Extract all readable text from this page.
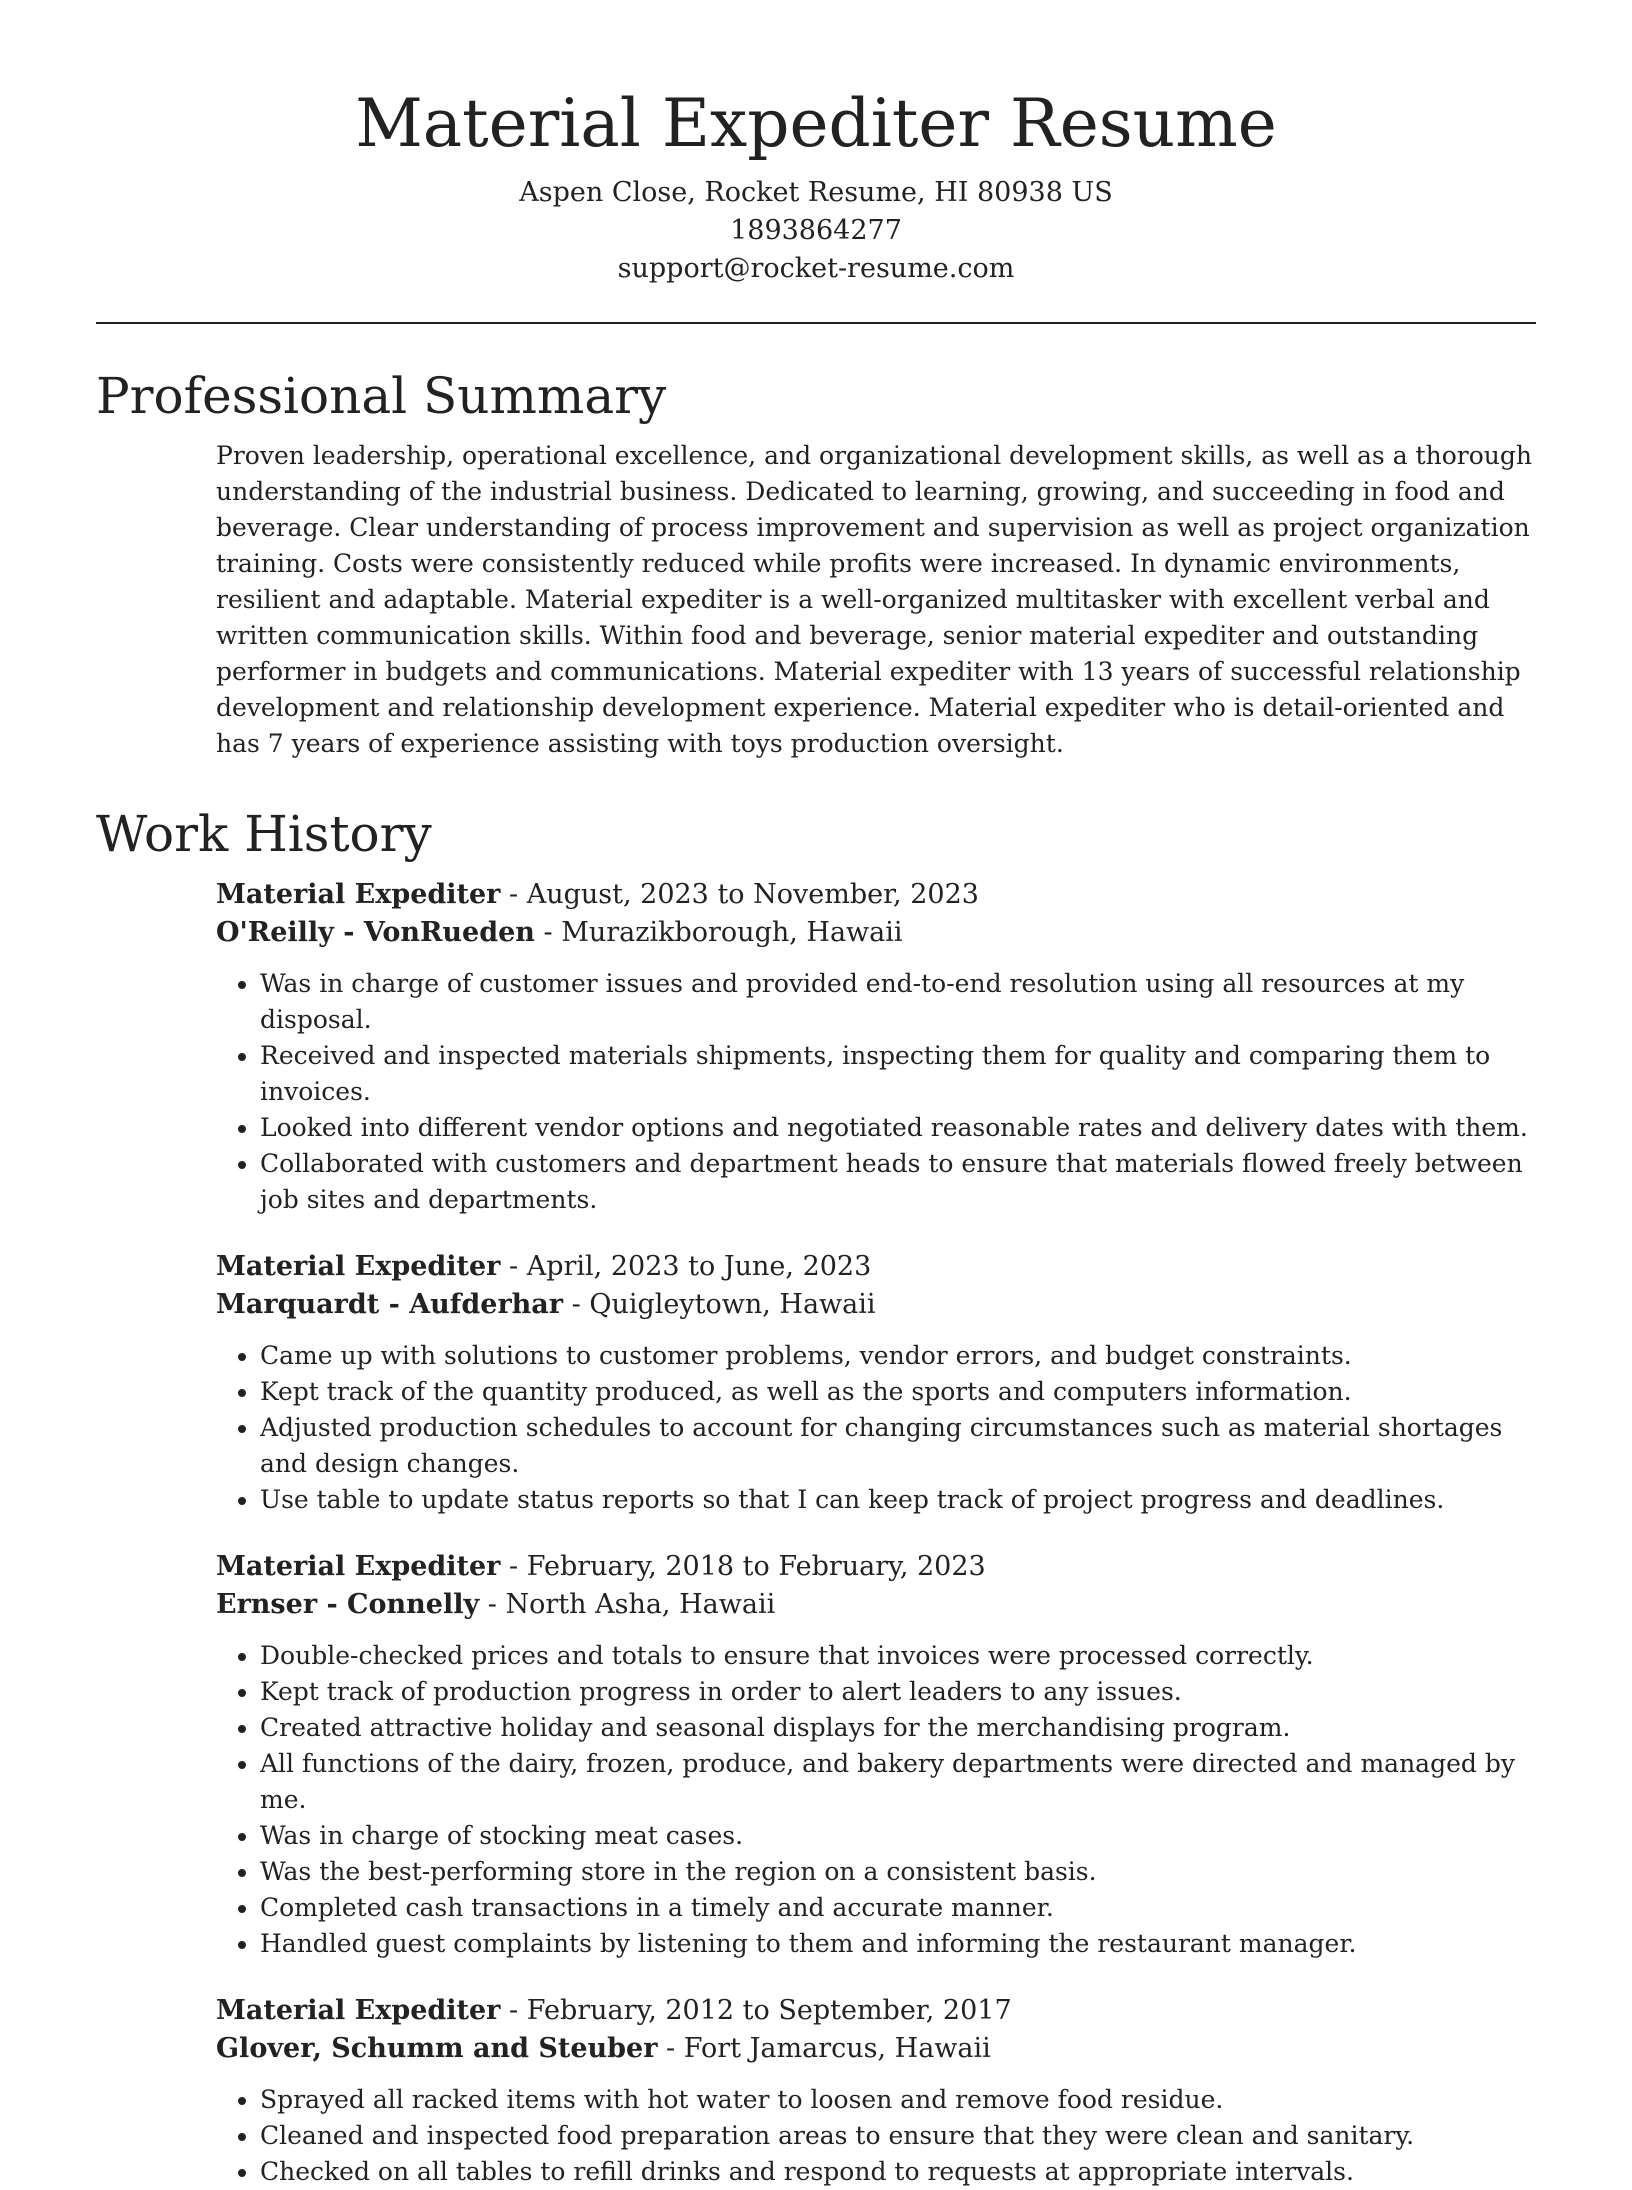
Material Expediter Resume
Aspen Close, Rocket Resume, HI 80938 US
1893864277
support@rocket-resume.com
Professional Summary

Proven leadership, operational excellence, and organizational development skills, as well as a thorough understanding of the industrial business. Dedicated to learning, growing, and succeeding in food and beverage. Clear understanding of process improvement and supervision as well as project organization training. Costs were consistently reduced while profits were increased. In dynamic environments, resilient and adaptable. Material expediter is a well-organized multitasker with excellent verbal and written communication skills. Within food and beverage, senior material expediter and outstanding performer in budgets and communications. Material expediter with 13 years of successful relationship development and relationship development experience. Material expediter who is detail-oriented and has 7 years of experience assisting with toys production oversight.

Work History

Material Expediter - August, 2023 to November, 2023

O'Reilly - VonRueden - Murazikborough, Hawaii

• Was in charge of customer issues and provided end-to-end resolution using all resources at my disposal.
• Received and inspected materials shipments, inspecting them for quality and comparing them to invoices.
• Looked into different vendor options and negotiated reasonable rates and delivery dates with them.
• Collaborated with customers and department heads to ensure that materials flowed freely between job sites and departments.

Material Expediter - April, 2023 to June, 2023

Marquardt - Aufderhar - Quigleytown, Hawaii

• Came up with solutions to customer problems, vendor errors, and budget constraints.
• Kept track of the quantity produced, as well as the sports and computers information.
• Adjusted production schedules to account for changing circumstances such as material shortages and design changes.
• Use table to update status reports so that I can keep track of project progress and deadlines.

Material Expediter - February, 2018 to February, 2023

Ernser - Connelly - North Asha, Hawaii

• Double-checked prices and totals to ensure that invoices were processed correctly.
• Kept track of production progress in order to alert leaders to any issues.
• Created attractive holiday and seasonal displays for the merchandising program.
• All functions of the dairy, frozen, produce, and bakery departments were directed and managed by me.
• Was in charge of stocking meat cases.
• Was the best-performing store in the region on a consistent basis.
• Completed cash transactions in a timely and accurate manner.
• Handled guest complaints by listening to them and informing the restaurant manager.

Material Expediter - February, 2012 to September, 2017

Glover, Schumm and Steuber - Fort Jamarcus, Hawaii

• Sprayed all racked items with hot water to loosen and remove food residue.
• Cleaned and inspected food preparation areas to ensure that they were clean and sanitary.
• Checked on all tables to refill drinks and respond to requests at appropriate intervals.
